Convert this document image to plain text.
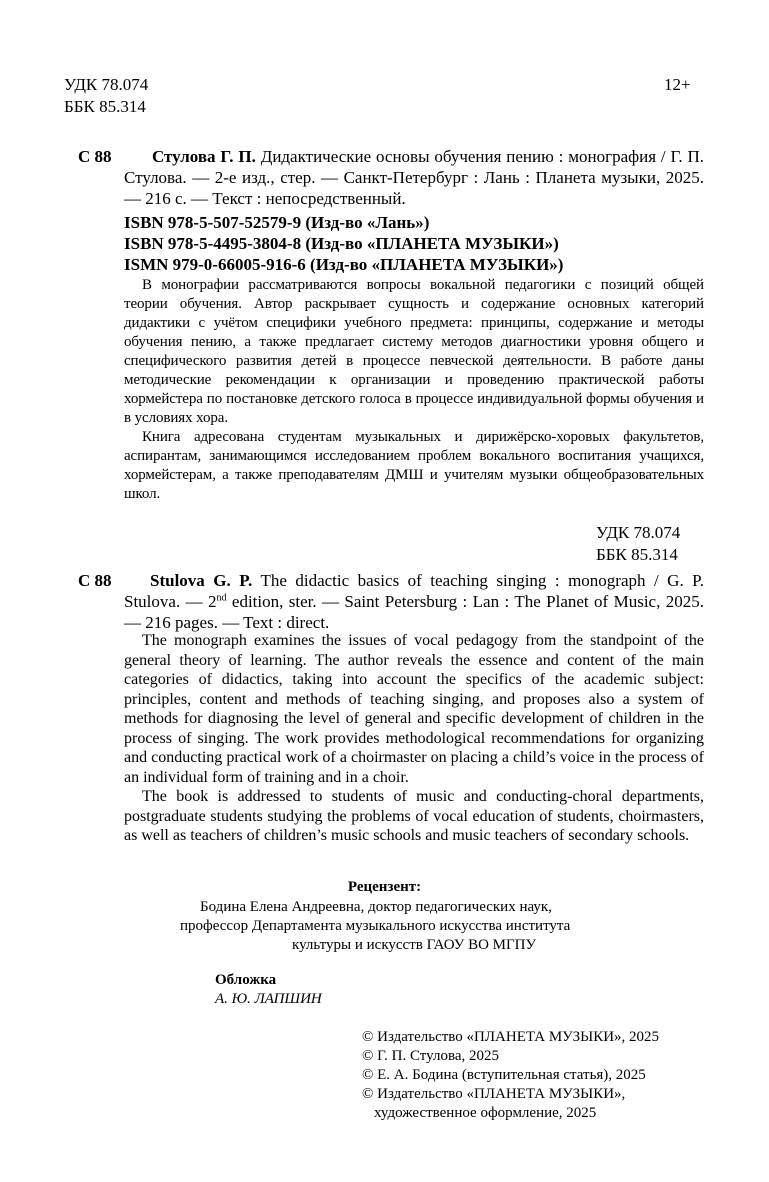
УДК 78.074
ББК 85.314
12+
С 88	Стулова Г. П. Дидактические основы обучения пению : монография / Г. П. Стулова. — 2-е изд., стер. — Санкт-Петербург : Лань : Планета музыки, 2025. — 216 с. — Текст : непосредственный.

ISBN 978-5-507-52579-9 (Изд-во «Лань»)
ISBN 978-5-4495-3804-8 (Изд-во «ПЛАНЕТА МУЗЫКИ»)
ISMN 979-0-66005-916-6 (Изд-во «ПЛАНЕТА МУЗЫКИ»)

В монографии рассматриваются вопросы вокальной педагогики с позиций общей теории обучения. Автор раскрывает сущность и содержание основных категорий дидактики с учётом специфики учебного предмета: принципы, содержание и методы обучения пению, а также предлагает систему методов диагностики уровня общего и специфического развития детей в процессе певческой деятельности. В работе даны методические рекомендации к организации и проведению практической работы хормейстера по постановке детского голоса в процессе индивидуальной формы обучения и в условиях хора.

Книга адресована студентам музыкальных и дирижёрско-хоровых факультетов, аспирантам, занимающимся исследованием проблем вокального воспитания учащихся, хормейстерам, а также преподавателям ДМШ и учителям музыки общеобразовательных школ.

УДК 78.074
ББК 85.314
С 88	Stulova G. P. The didactic basics of teaching singing : monograph / G. P. Stulova. — 2nd edition, ster. — Saint Petersburg : Lan : The Planet of Music, 2025. — 216 pages. — Text : direct.

The monograph examines the issues of vocal pedagogy from the standpoint of the general theory of learning. The author reveals the essence and content of the main categories of didactics, taking into account the specifics of the academic subject: principles, content and methods of teaching singing, and proposes also a system of methods for diagnosing the level of general and specific development of children in the process of singing. The work provides methodological recommendations for organizing and conducting practical work of a choirmaster on placing a child’s voice in the process of an individual form of training and in a choir.

The book is addressed to students of music and conducting-choral departments, postgraduate students studying the problems of vocal education of students, choirmasters, as well as teachers of children’s music schools and music teachers of secondary schools.

Рецензент:
Бодина Елена Андреевна, доктор педагогических наук,
профессор Департамента музыкального искусства института
культуры и искусств ГАОУ ВО МГПУ
Обложка
А. Ю. ЛАПШИН
© Издательство «ПЛАНЕТА МУЗЫКИ», 2025
© Г. П. Стулова, 2025
© Е. А. Бодина (вступительная статья), 2025
© Издательство «ПЛАНЕТА МУЗЫКИ»,
художественное оформление, 2025
